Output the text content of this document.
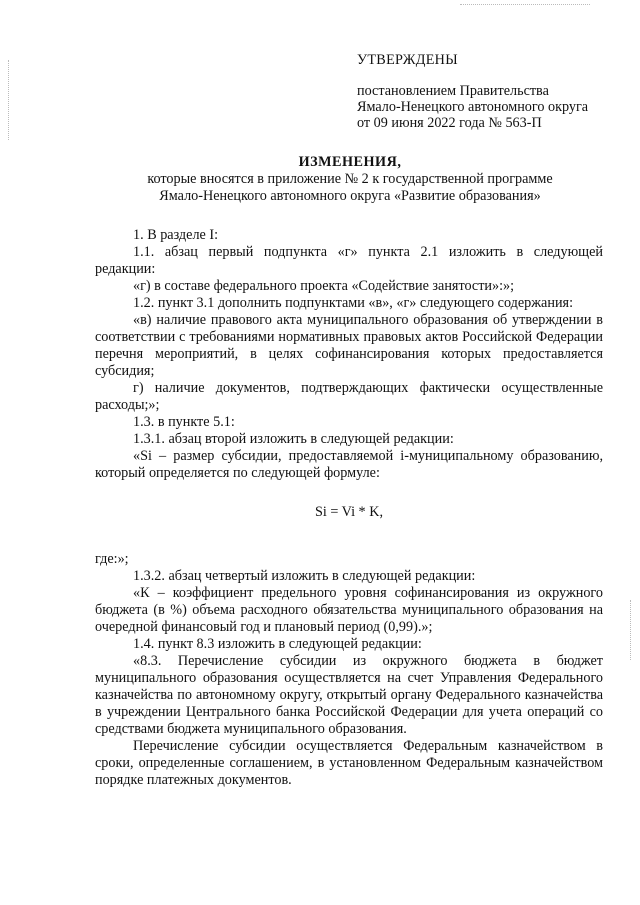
УТВЕРЖДЕНЫ
постановлением Правительства
Ямало-Ненецкого автономного округа
от 09 июня 2022 года № 563-П
ИЗМЕНЕНИЯ,
которые вносятся в приложение № 2 к государственной программе
Ямало-Ненецкого автономного округа «Развитие образования»

1. В разделе I:

1.1. абзац первый подпункта «г» пункта 2.1 изложить в следующей редакции:

«г) в составе федерального проекта «Содействие занятости»:»;

1.2. пункт 3.1 дополнить подпунктами «в», «г» следующего содержания:

«в) наличие правового акта муниципального образования об утверждении в соответствии с требованиями нормативных правовых актов Российской Федерации перечня мероприятий, в целях софинансирования которых предоставляется субсидия;

г) наличие документов, подтверждающих фактически осуществленные расходы;»;

1.3. в пункте 5.1:

1.3.1. абзац второй изложить в следующей редакции:

«Si – размер субсидии, предоставляемой i-муниципальному образованию, который определяется по следующей формуле:

Si = Vi * K,

где:»;

1.3.2. абзац четвертый изложить в следующей редакции:

«К – коэффициент предельного уровня софинансирования из окружного бюджета (в %) объема расходного обязательства муниципального образования на очередной финансовый год и плановый период (0,99).»;

1.4. пункт 8.3 изложить в следующей редакции:

«8.3. Перечисление субсидии из окружного бюджета в бюджет муниципального образования осуществляется на счет Управления Федерального казначейства по автономному округу, открытый органу Федерального казначейства в учреждении Центрального банка Российской Федерации для учета операций со средствами бюджета муниципального образования.

Перечисление субсидии осуществляется Федеральным казначейством в сроки, определенные соглашением, в установленном Федеральным казначейством порядке платежных документов.
